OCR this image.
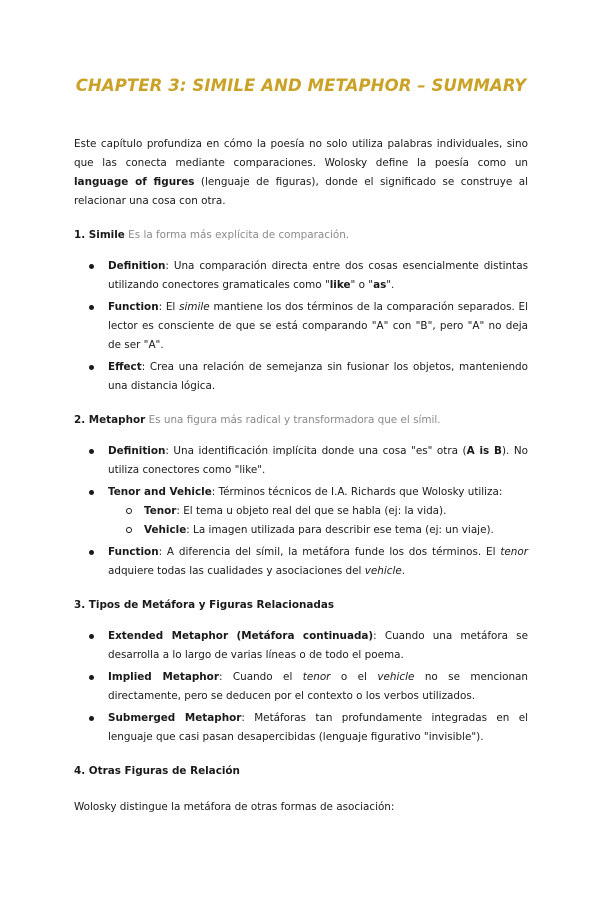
CHAPTER 3: SIMILE AND METAPHOR – SUMMARY

Este capítulo profundiza en cómo la poesía no solo utiliza palabras individuales, sino que las conecta mediante comparaciones. Wolosky define la poesía como un language of figures (lenguaje de figuras), donde el significado se construye al relacionar una cosa con otra.

1. Simile Es la forma más explícita de comparación.

Definition: Una comparación directa entre dos cosas esencialmente distintas utilizando conectores gramaticales como "like" o "as".
Function: El simile mantiene los dos términos de la comparación separados. El lector es consciente de que se está comparando "A" con "B", pero "A" no deja de ser "A".
Effect: Crea una relación de semejanza sin fusionar los objetos, manteniendo una distancia lógica.

2. Metaphor Es una figura más radical y transformadora que el símil.

Definition: Una identificación implícita donde una cosa "es" otra (A is B). No utiliza conectores como "like".
Tenor and Vehicle: Términos técnicos de I.A. Richards que Wolosky utiliza:
Tenor: El tema u objeto real del que se habla (ej: la vida).
Vehicle: La imagen utilizada para describir ese tema (ej: un viaje).
Function: A diferencia del símil, la metáfora funde los dos términos. El tenor adquiere todas las cualidades y asociaciones del vehicle.

3. Tipos de Metáfora y Figuras Relacionadas

Extended Metaphor (Metáfora continuada): Cuando una metáfora se desarrolla a lo largo de varias líneas o de todo el poema.
Implied Metaphor: Cuando el tenor o el vehicle no se mencionan directamente, pero se deducen por el contexto o los verbos utilizados.
Submerged Metaphor: Metáforas tan profundamente integradas en el lenguaje que casi pasan desapercibidas (lenguaje figurativo "invisible").

4. Otras Figuras de Relación

Wolosky distingue la metáfora de otras formas de asociación:
